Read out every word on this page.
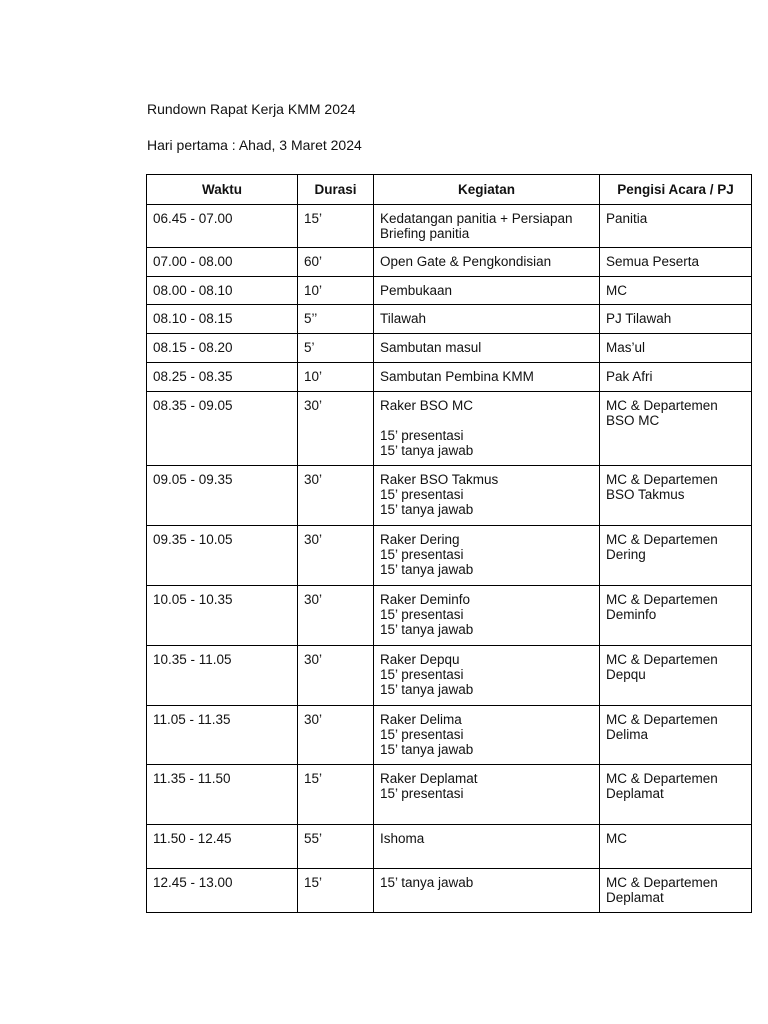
Rundown Rapat Kerja KMM 2024
Hari pertama : Ahad, 3 Maret 2024
Waktu	Durasi	Kegiatan	Pengisi Acara / PJ
06.45 - 07.00	15’	Kedatangan panitia + Persiapan
Briefing panitia	Panitia

07.00 - 08.00	60’	Open Gate & Pengkondisian	Semua Peserta

08.00 - 08.10	10’	Pembukaan	MC

08.10 - 08.15	5’’	Tilawah	PJ Tilawah

08.15 - 08.20	5’	Sambutan masul	Mas’ul

08.25 - 08.35	10’	Sambutan Pembina KMM	Pak Afri

08.35 - 09.05	30’	Raker BSO MC
15’ presentasi
15’ tanya jawab	MC & Departemen
BSO MC

09.05 - 09.35	30’	Raker BSO Takmus
15’ presentasi
15’ tanya jawab	MC & Departemen
BSO Takmus

09.35 - 10.05	30’	Raker Dering
15’ presentasi
15’ tanya jawab	MC & Departemen
Dering

10.05 - 10.35	30’	Raker Deminfo
15’ presentasi
15’ tanya jawab	MC & Departemen
Deminfo

10.35 - 11.05	30’	Raker Depqu
15’ presentasi
15’ tanya jawab	MC & Departemen
Depqu

11.05 - 11.35	30’	Raker Delima
15’ presentasi
15’ tanya jawab	MC & Departemen
Delima

11.35 - 11.50	15’	Raker Deplamat
15’ presentasi	MC & Departemen
Deplamat

11.50 - 12.45	55’	Ishoma	MC

12.45 - 13.00	15’	15’ tanya jawab	MC & Departemen
Deplamat
